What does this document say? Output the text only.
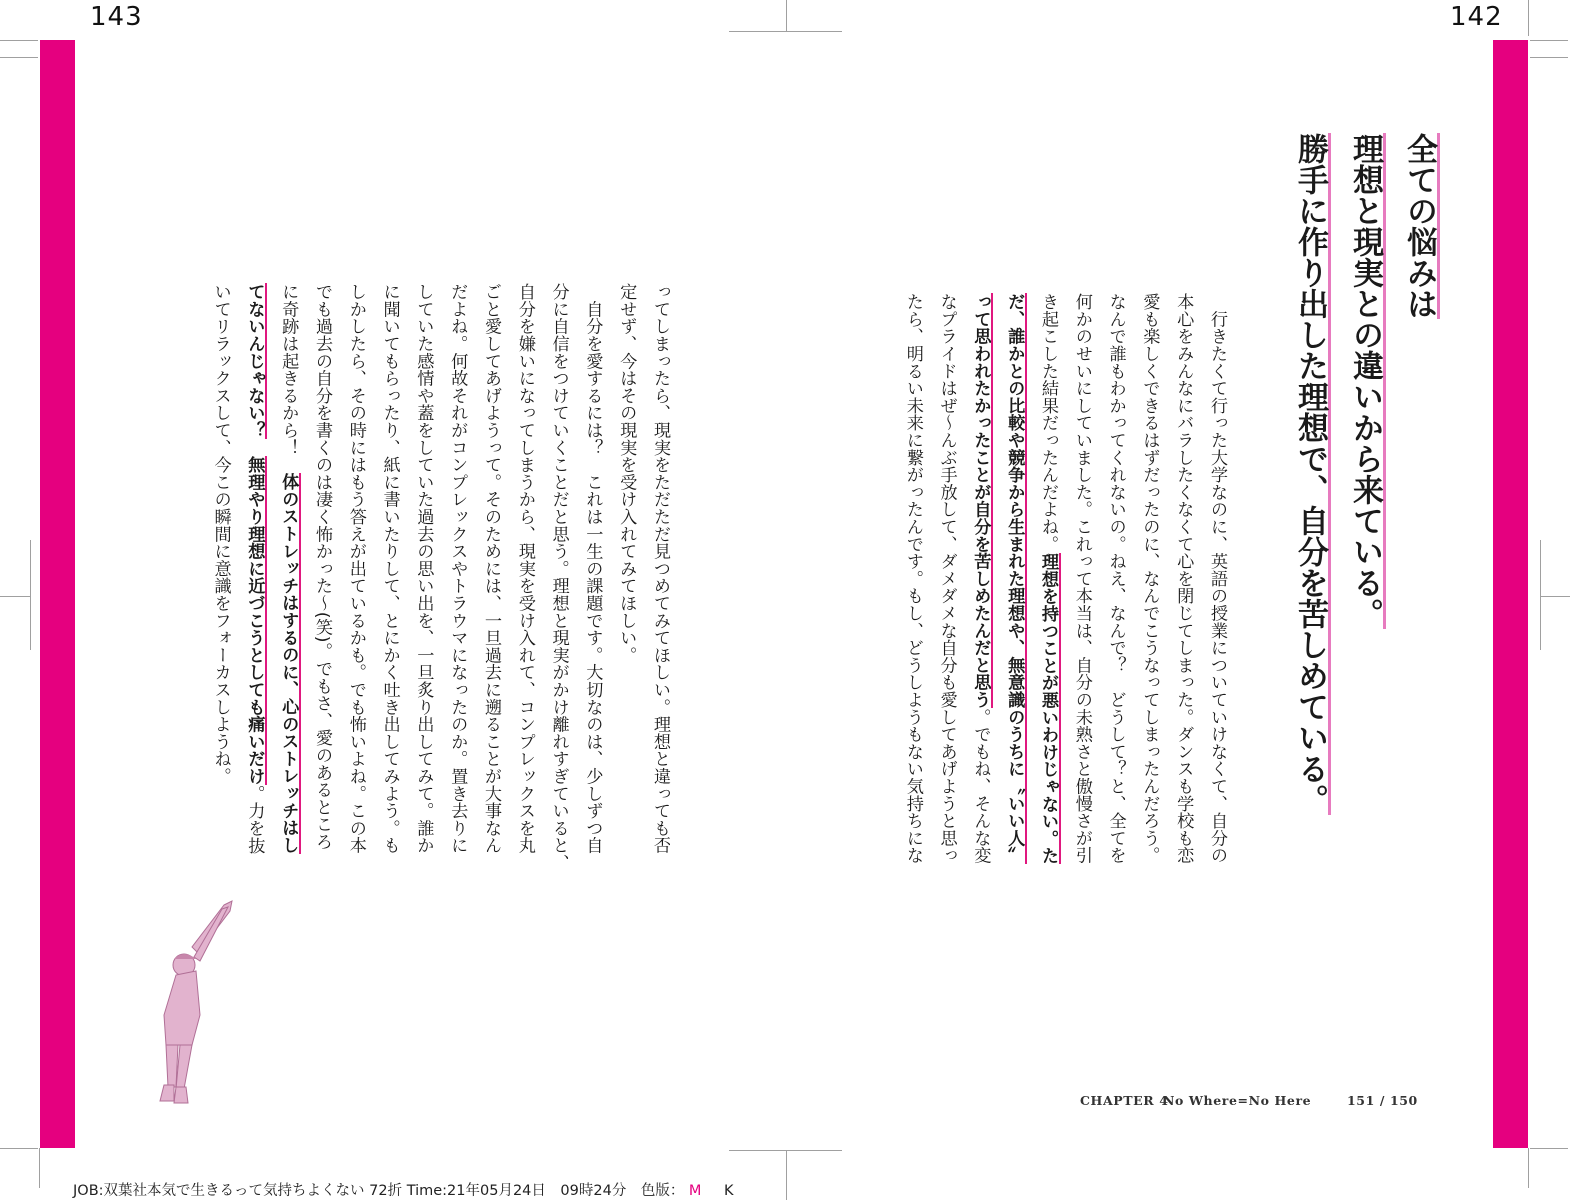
143	142
全ての悩みは
理想と現実との違いから来ている。
勝手に作り出した理想で、自分を苦しめている。
　行きたくて行った大学なのに、英語の授業についていけなくて、自分の
本心をみんなにバラしたくなくて心を閉じてしまった。ダンスも学校も恋
愛も楽しくできるはずだったのに、なんでこうなってしまったんだろう。
なんで誰もわかってくれないの。ねえ、なんで？　どうして？と、全てを
何かのせいにしていました。これって本当は、自分の未熟さと傲慢さが引
き起こした結果だったんだよね。理想を持つことが悪いわけじゃない。た
だ、誰かとの比較や競争から生まれた理想や、無意識のうちに〝いい人〟
って思われたかったことが自分を苦しめたんだと思う。でもね、そんな変
なプライドはぜ〜んぶ手放して、ダメダメな自分も愛してあげようと思っ
たら、明るい未来に繋がったんです。もし、どうしようもない気持ちにな
ってしまったら、現実をただただ見つめてみてほしい。理想と違っても否
定せず、今はその現実を受け入れてみてほしい。
　自分を愛するには？　これは一生の課題です。大切なのは、少しずつ自
分に自信をつけていくことだと思う。理想と現実がかけ離れすぎていると、
自分を嫌いになってしまうから、現実を受け入れて、コンプレックスを丸
ごと愛してあげようって。そのためには、一旦過去に遡ることが大事なん
だよね。何故それがコンプレックスやトラウマになったのか。置き去りに
していた感情や蓋をしていた過去の思い出を、一旦炙り出してみて。誰か
に聞いてもらったり、紙に書いたりして、とにかく吐き出してみよう。も
しかしたら、その時にはもう答えが出ているかも。でも怖いよね。この本
でも過去の自分を書くのは凄く怖かった〜(笑)。でもさ、愛のあるところ
に奇跡は起きるから！　体のストレッチはするのに、心のストレッチはし
てないんじゃない？　無理やり理想に近づこうとしても痛いだけ。力を抜
いてリラックスして、今この瞬間に意識をフォーカスしようね。
CHAPTER 4
No Where=No Here	151 / 150
JOB:双葉社本気で生きるって気持ちよくない 72折 Time:21年05月24日　09時24分　色版： M K
